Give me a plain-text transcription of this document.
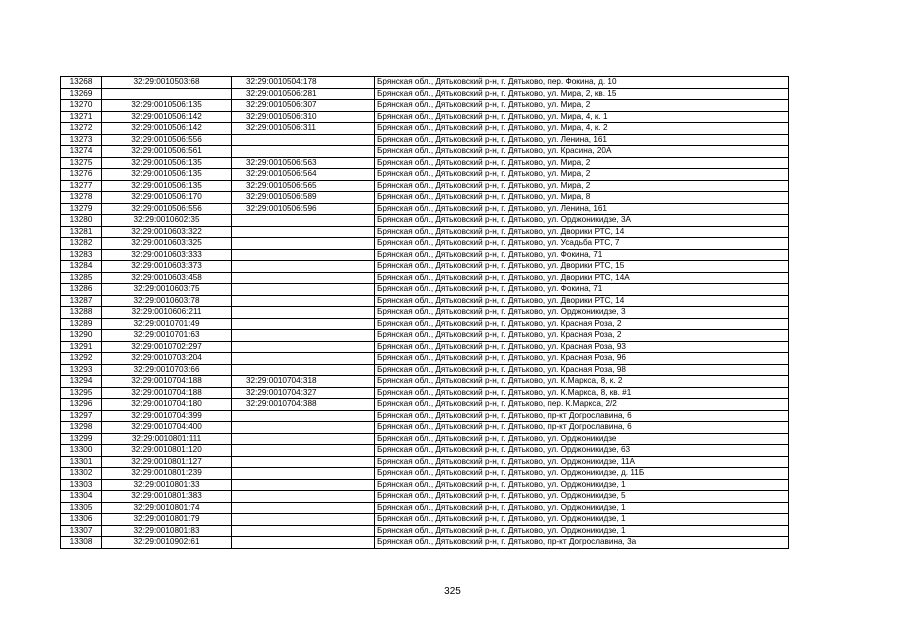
13268	32:29:0010503:68	32:29:0010504:178	Брянская обл., Дятьковский р-н, г. Дятьково, пер. Фокина, д. 10
13269		32:29:0010506:281	Брянская обл., Дятьковский р-н, г. Дятьково, ул. Мира, 2, кв. 15
13270	32:29:0010506:135	32:29:0010506:307	Брянская обл., Дятьковский р-н, г. Дятьково, ул. Мира, 2
13271	32:29:0010506:142	32:29:0010506:310	Брянская обл., Дятьковский р-н, г. Дятьково, ул. Мира, 4, к. 1
13272	32:29:0010506:142	32:29:0010506:311	Брянская обл., Дятьковский р-н, г. Дятьково, ул. Мира, 4, к. 2
13273	32:29:0010506:556		Брянская обл., Дятьковский р-н, г. Дятьково, ул. Ленина, 161
13274	32:29:0010506:561		Брянская обл., Дятьковский р-н, г. Дятьково, ул. Красина, 20А
13275	32:29:0010506:135	32:29:0010506:563	Брянская обл., Дятьковский р-н, г. Дятьково, ул. Мира, 2
13276	32:29:0010506:135	32:29:0010506:564	Брянская обл., Дятьковский р-н, г. Дятьково, ул. Мира, 2
13277	32:29:0010506:135	32:29:0010506:565	Брянская обл., Дятьковский р-н, г. Дятьково, ул. Мира, 2
13278	32:29:0010506:170	32:29:0010506:589	Брянская обл., Дятьковский р-н, г. Дятьково, ул. Мира, 8
13279	32:29:0010506:556	32:29:0010506:596	Брянская обл., Дятьковский р-н, г. Дятьково, ул. Ленина, 161
13280	32:29:0010602:35		Брянская обл., Дятьковский р-н, г. Дятьково, ул. Орджоникидзе, 3А
13281	32:29:0010603:322		Брянская обл., Дятьковский р-н, г. Дятьково, ул. Дворики РТС, 14
13282	32:29:0010603:325		Брянская обл., Дятьковский р-н, г. Дятьково, ул. Усадьба РТС, 7
13283	32:29:0010603:333		Брянская обл., Дятьковский р-н, г. Дятьково, ул. Фокина, 71
13284	32:29:0010603:373		Брянская обл., Дятьковский р-н, г. Дятьково, ул. Дворики РТС, 15
13285	32:29:0010603:458		Брянская обл., Дятьковский р-н, г. Дятьково, ул. Дворики РТС, 14А
13286	32:29:0010603:75		Брянская обл., Дятьковский р-н, г. Дятьково, ул. Фокина, 71
13287	32:29:0010603:78		Брянская обл., Дятьковский р-н, г. Дятьково, ул. Дворики РТС, 14
13288	32:29:0010606:211		Брянская обл., Дятьковский р-н, г. Дятьково, ул. Орджоникидзе, 3
13289	32:29:0010701:49		Брянская обл., Дятьковский р-н, г. Дятьково, ул. Красная Роза, 2
13290	32:29:0010701:63		Брянская обл., Дятьковский р-н, г. Дятьково, ул. Красная Роза, 2
13291	32:29:0010702:297		Брянская обл., Дятьковский р-н, г. Дятьково, ул. Красная Роза, 93
13292	32:29:0010703:204		Брянская обл., Дятьковский р-н, г. Дятьково, ул. Красная Роза, 96
13293	32:29:0010703:66		Брянская обл., Дятьковский р-н, г. Дятьково, ул. Красная Роза, 98
13294	32:29:0010704:188	32:29:0010704:318	Брянская обл., Дятьковский р-н, г. Дятьково, ул. К.Маркса, 8, к. 2
13295	32:29:0010704:188	32:29:0010704:327	Брянская обл., Дятьковский р-н, г. Дятьково, ул. К.Маркса, 8, кв. #1
13296	32:29:0010704:180	32:29:0010704:388	Брянская обл., Дятьковский р-н, г. Дятьково, пер. К.Маркса, 2/2
13297	32:29:0010704:399		Брянская обл., Дятьковский р-н, г. Дятьково, пр-кт Догрославина, 6
13298	32:29:0010704:400		Брянская обл., Дятьковский р-н, г. Дятьково, пр-кт Догрославина, 6
13299	32:29:0010801:111		Брянская обл., Дятьковский р-н, г. Дятьково, ул. Орджоникидзе
13300	32:29:0010801:120		Брянская обл., Дятьковский р-н, г. Дятьково, ул. Орджоникидзе, 63
13301	32:29:0010801:127		Брянская обл., Дятьковский р-н, г. Дятьково, ул. Орджоникидзе, 11А
13302	32:29:0010801:239		Брянская обл., Дятьковский р-н, г. Дятьково, ул. Орджоникидзе, д. 11Б
13303	32:29:0010801:33		Брянская обл., Дятьковский р-н, г. Дятьково, ул. Орджоникидзе, 1
13304	32:29:0010801:383		Брянская обл., Дятьковский р-н, г. Дятьково, ул. Орджоникидзе, 5
13305	32:29:0010801:74		Брянская обл., Дятьковский р-н, г. Дятьково, ул. Орджоникидзе, 1
13306	32:29:0010801:79		Брянская обл., Дятьковский р-н, г. Дятьково, ул. Орджоникидзе, 1
13307	32:29:0010801:83		Брянская обл., Дятьковский р-н, г. Дятьково, ул. Орджоникидзе, 1
13308	32:29:0010902:61		Брянская обл., Дятьковский р-н, г. Дятьково, пр-кт Догрославина, 3а
325
